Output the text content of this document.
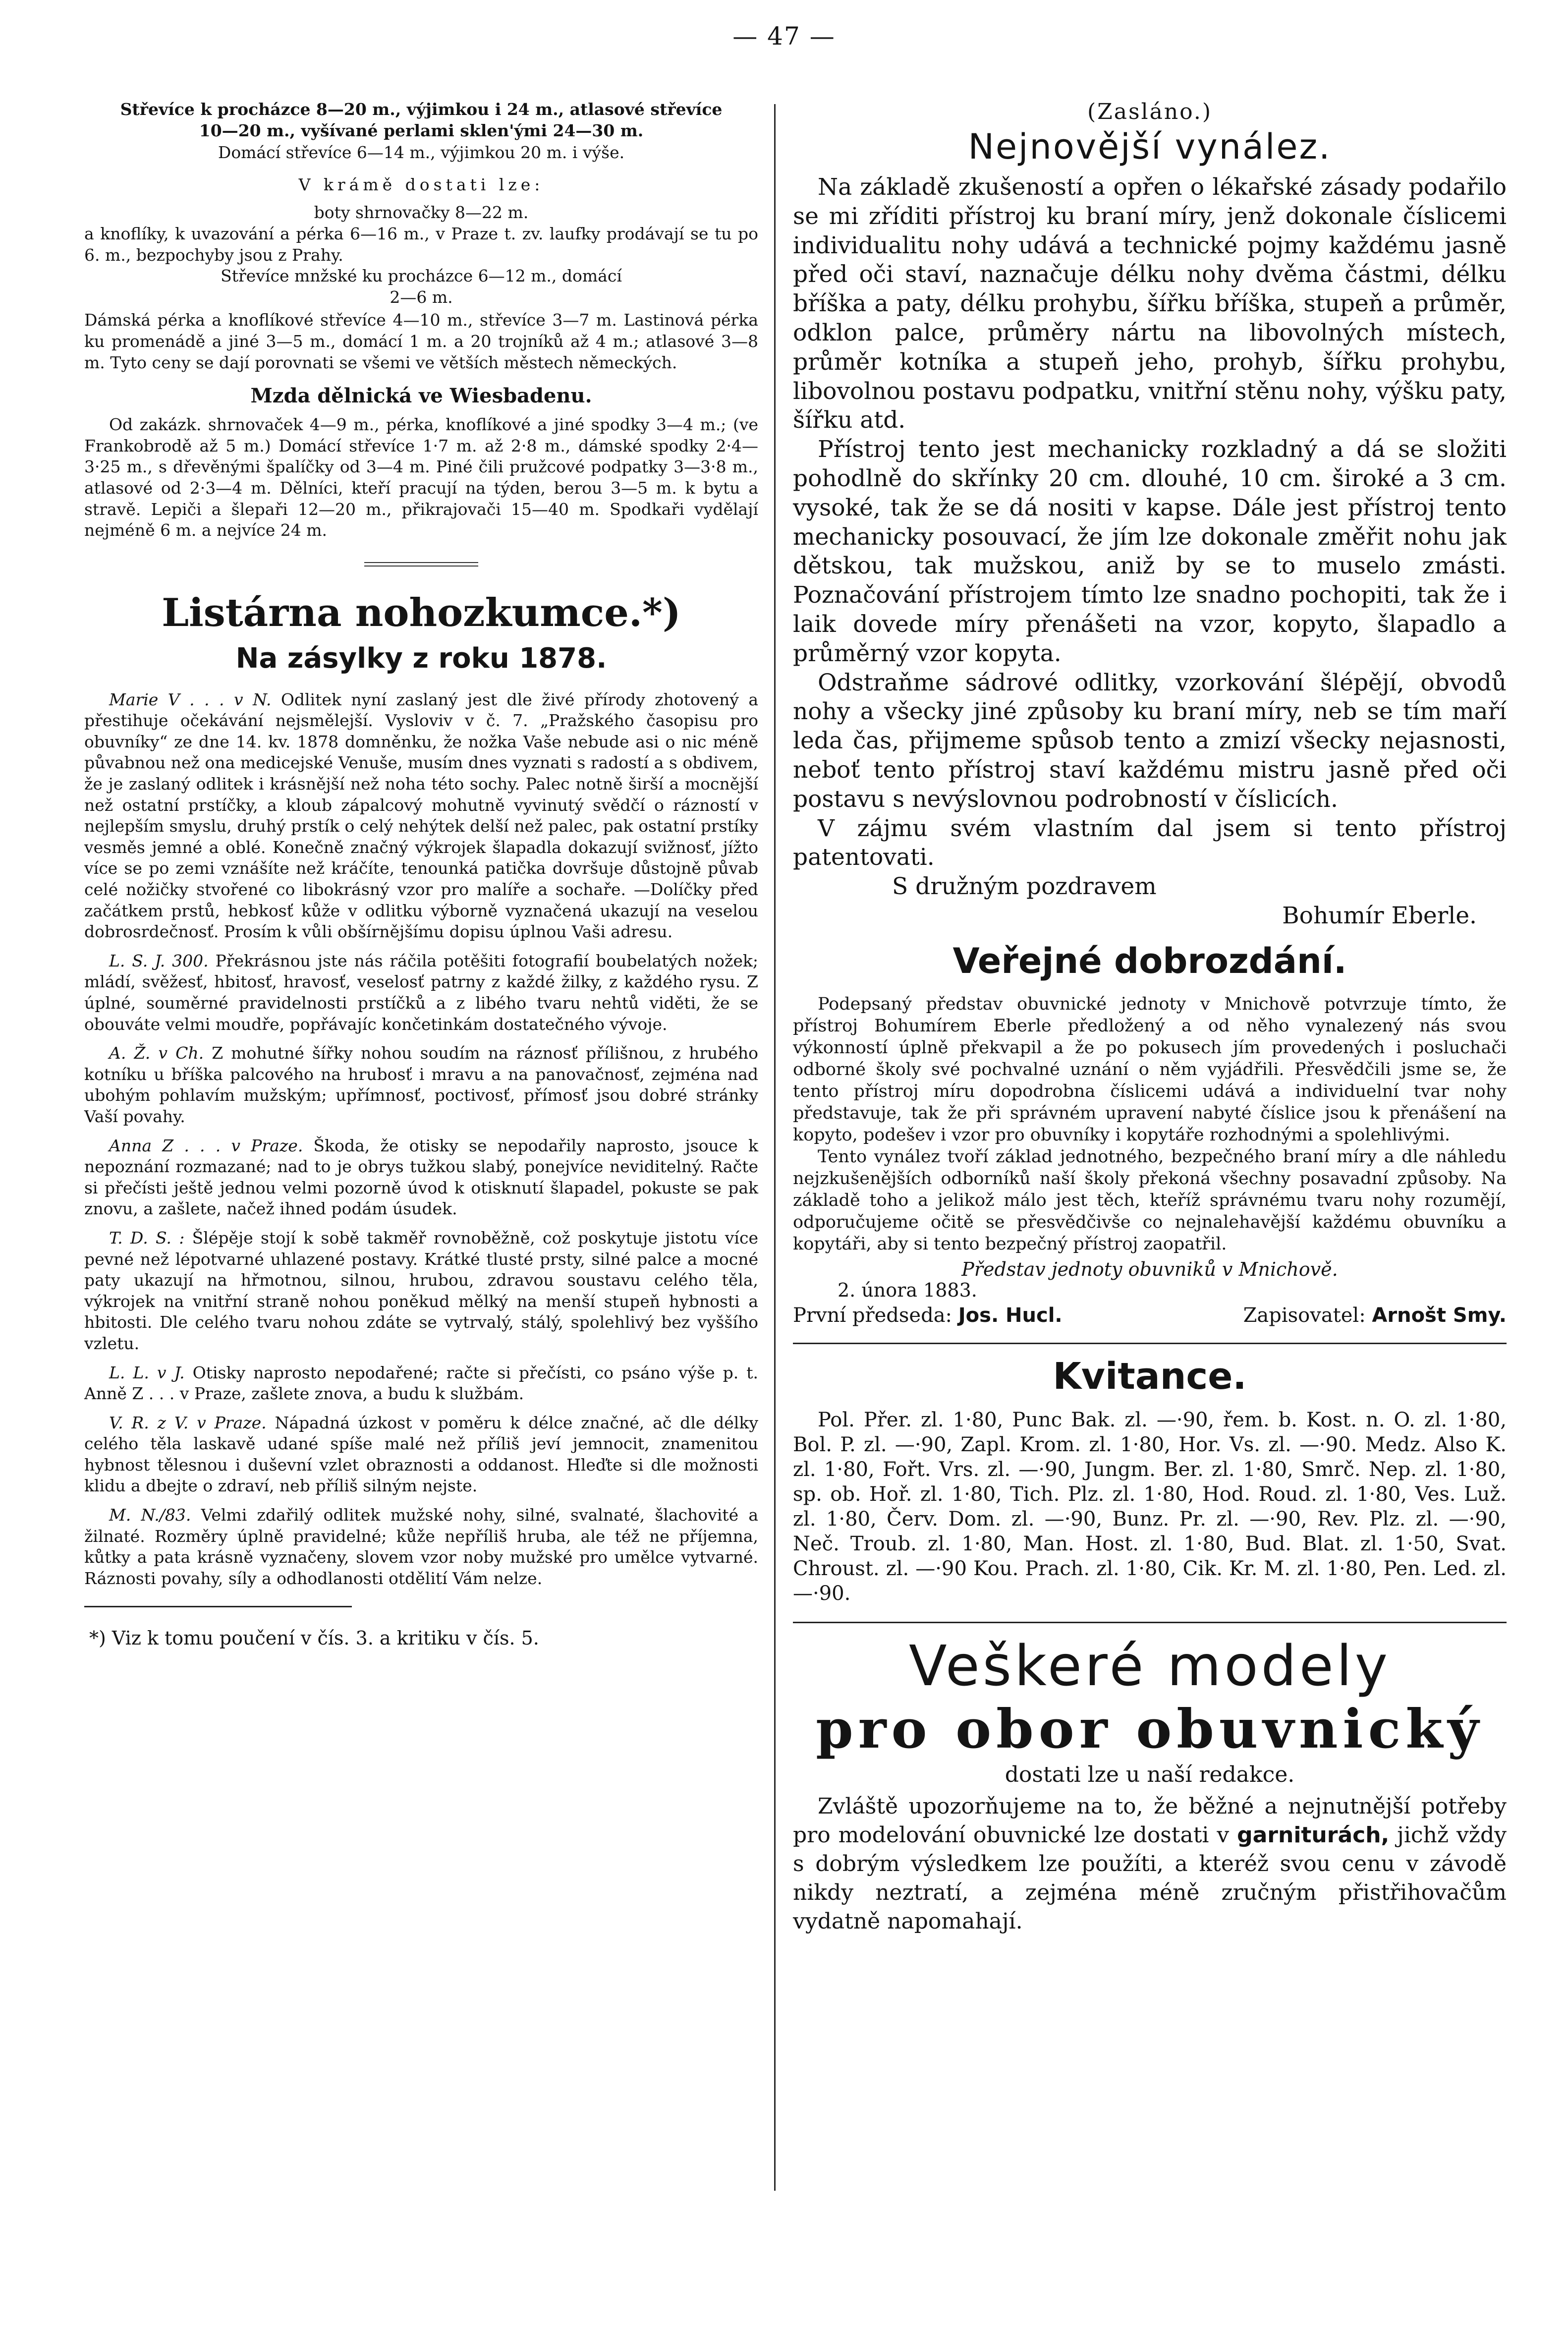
— 47 —

Střevíce k procházce 8—20 m., výjimkou i 24 m., atlasové střevíce 10—20 m., vyšívané perlami sklen'ými 24—30 m.

Domácí střevíce 6—14 m., výjimkou 20 m. i výše.

V krámě dostati lze:

boty shrnovačky 8—22 m.

a knoflíky, k uvazování a pérka 6—16 m., v Praze t. zv. laufky prodávají se tu po 6. m., bezpochyby jsou z Prahy.

Střevíce mnžské ku procházce 6—12 m., domácí 2—6 m.

Dámská pérka a knoflíkové střevíce 4—10 m., střevíce 3—7 m. Lastinová pérka ku promenádě a jiné 3—5 m., domácí 1 m. a 20 trojníků až 4 m.; atlasové 3—8 m. Tyto ceny se dají porovnati se všemi ve větších městech německých.

Mzda dělnická ve Wiesbadenu.

Od zakázk. shrnovaček 4—9 m., pérka, knoflíkové a jiné spodky 3—4 m.; (ve Frankobrodě až 5 m.) Domácí střevíce 1·7 m. až 2·8 m., dámské spodky 2·4—3·25 m., s dřevěnými špalíčky od 3—4 m. Piné čili pružcové podpatky 3—3·8 m., atlasové od 2·3—4 m. Dělníci, kteří pracují na týden, berou 3—5 m. k bytu a stravě. Lepiči a šlepaři 12—20 m., přikrajovači 15—40 m. Spodkaři vydělají nejméně 6 m. a nejvíce 24 m.

Listárna nohozkumce.*)
Na zásylky z roku 1878.

Marie V . . . v N. Odlitek nyní zaslaný jest dle živé přírody zhotovený a přestihuje očekávání nejsmělejší. Vysloviv v č. 7. „Pražského časopisu pro obuvníky“ ze dne 14. kv. 1878 domněnku, že nožka Vaše nebude asi o nic méně půvabnou než ona medicejské Venuše, musím dnes vyznati s radostí a s obdivem, že je zaslaný odlitek i krásnější než noha této sochy. Palec notně širší a mocnější než ostatní prstíčky, a kloub zápalcový mohutně vyvinutý svědčí o rázností v nejlepším smyslu, druhý prstík o celý nehýtek delší než palec, pak ostatní prstíky vesměs jemné a oblé. Konečně značný výkrojek šlapadla dokazují svižnosť, jížto více se po zemi vznášíte než kráčíte, tenounká patička dovršuje důstojně půvab celé nožičky stvořené co libokrásný vzor pro malíře a sochaře. —Dolíčky před začátkem prstů, hebkosť kůže v odlitku výborně vyznačená ukazují na veselou dobrosrdečnosť. Prosím k vůli obšírnějšímu dopisu úplnou Vaši adresu.

L. S. J. 300. Překrásnou jste nás ráčila potěšiti fotografií boubelatých nožek; mládí, svěžesť, hbitosť, hravosť, veselosť patrny z každé žilky, z každého rysu. Z úplné, souměrné pravidelnosti prstíčků a z libého tvaru nehtů viděti, že se obouváte velmi moudře, popřávajíc končetinkám dostatečného vývoje.

A. Ž. v Ch. Z mohutné šířky nohou soudím na ráznosť přílišnou, z hrubého kotníku u bříška palcového na hrubosť i mravu a na panovačnosť, zejména nad ubohým pohlavím mužským; upřímnosť, poctivosť, přímosť jsou dobré stránky Vaší povahy.

Anna Z . . . v Praze. Škoda, že otisky se nepodařily naprosto, jsouce k nepoznání rozmazané; nad to je obrys tužkou slabý, ponejvíce neviditelný. Račte si přečísti ještě jednou velmi pozorně úvod k otisknutí šlapadel, pokuste se pak znovu, a zašlete, načež ihned podám úsudek.

T. D. S. : Šlépěje stojí k sobě takměř rovnoběžně, což poskytuje jistotu více pevné než lépotvarné uhlazené postavy. Krátké tlusté prsty, silné palce a mocné paty ukazují na hřmotnou, silnou, hrubou, zdravou soustavu celého těla, výkrojek na vnitřní straně nohou poněkud mělký na menší stupeň hybnosti a hbitosti. Dle celého tvaru nohou zdáte se vytrvalý, stálý, spolehlivý bez vyššího vzletu.

L. L. v J. Otisky naprosto nepodařené; račte si přečísti, co psáno výše p. t. Anně Z . . . v Praze, zašlete znova, a budu k službám.

V. R. z V. v Praze. Nápadná úzkost v poměru k délce značné, ač dle délky celého těla laskavě udané spíše malé než příliš jeví jemnocit, znamenitou hybnost tělesnou i duševní vzlet obraznosti a oddanost. Hleďte si dle možnosti klidu a dbejte o zdraví, neb příliš silným nejste.

M. N./83. Velmi zdařilý odlitek mužské nohy, silné, svalnaté, šlachovité a žilnaté. Rozměry úplně pravidelné; kůže nepříliš hruba, ale též ne příjemna, kůtky a pata krásně vyznačeny, slovem vzor noby mužské pro umělce vytvarné. Ráznosti povahy, síly a odhodlanosti otdělití Vám nelze.

*) Viz k tomu poučení v čís. 3. a kritiku v čís. 5.
(Zasláno.)
Nejnovější vynález.

Na základě zkušeností a opřen o lékařské zásady podařilo se mi zříditi přístroj ku braní míry, jenž dokonale číslicemi individualitu nohy udává a technické pojmy každému jasně před oči staví, naznačuje délku nohy dvěma částmi, délku bříška a paty, délku prohybu, šířku bříška, stupeň a průměr, odklon palce, průměry nártu na libovolných místech, průměr kotníka a stupeň jeho, prohyb, šířku prohybu, libovolnou postavu podpatku, vnitřní stěnu nohy, výšku paty, šířku atd.

Přístroj tento jest mechanicky rozkladný a dá se složiti pohodlně do skřínky 20 cm. dlouhé, 10 cm. široké a 3 cm. vysoké, tak že se dá nositi v kapse. Dále jest přístroj tento mechanicky posouvací, že jím lze dokonale změřit nohu jak dětskou, tak mužskou, aniž by se to muselo zmásti. Poznačování přístrojem tímto lze snadno pochopiti, tak že i laik dovede míry přenášeti na vzor, kopyto, šlapadlo a průměrný vzor kopyta.

Odstraňme sádrové odlitky, vzorkování šlépějí, obvodů nohy a všecky jiné způsoby ku braní míry, neb se tím maří leda čas, přijmeme spůsob tento a zmizí všecky nejasnosti, neboť tento přístroj staví každému mistru jasně před oči postavu s nevýslovnou podrobností v číslicích.

V zájmu svém vlastním dal jsem si tento přístroj patentovati.

S družným pozdravem

Bohumír Eberle.

Veřejné dobrozdání.

Podepsaný představ obuvnické jednoty v Mnichově potvrzuje tímto, že přístroj Bohumírem Eberle předložený a od něho vynalezený nás svou výkonností úplně překvapil a že po pokusech jím provedených i posluchači odborné školy své pochvalné uznání o něm vyjádřili. Přesvědčili jsme se, že tento přístroj míru dopodrobna číslicemi udává a individuelní tvar nohy představuje, tak že při správném upravení nabyté číslice jsou k přenášení na kopyto, podešev i vzor pro obuvníky i kopytáře rozhodnými a spolehlivými.

Tento vynález tvoří základ jednotného, bezpečného braní míry a dle náhledu nejzkušenějších odborníků naší školy překoná všechny posavadní způsoby. Na základě toho a jelikož málo jest těch, kteříž správnému tvaru nohy rozumějí, odporučujeme očitě se přesvědčivše co nejnalehavější každému obuvníku a kopytáři, aby si tento bezpečný přístroj zaopatřil.

Představ jednoty obuvniků v Mnichově.

2. února 1883.

První předseda: Jos. Hucl.	Zapisovatel: Arnošt Smy.
Kvitance.

Pol. Přer. zl. 1·80, Punc Bak. zl. —·90, řem. b. Kost. n. O. zl. 1·80, Bol. P. zl. —·90, Zapl. Krom. zl. 1·80, Hor. Vs. zl. —·90. Medz. Also K. zl. 1·80, Fořt. Vrs. zl. —·90, Jungm. Ber. zl. 1·80, Smrč. Nep. zl. 1·80, sp. ob. Hoř. zl. 1·80, Tich. Plz. zl. 1·80, Hod. Roud. zl. 1·80, Ves. Luž. zl. 1·80, Červ. Dom. zl. —·90, Bunz. Pr. zl. —·90, Rev. Plz. zl. —·90, Neč. Troub. zl. 1·80, Man. Host. zl. 1·80, Bud. Blat. zl. 1·50, Svat. Chroust. zl. —·90 Kou. Prach. zl. 1·80, Cik. Kr. M. zl. 1·80, Pen. Led. zl. —·90.

Veškeré modely

pro obor obuvnický

dostati lze u naší redakce.

Zvláště upozorňujeme na to, že běžné a nejnutnější potřeby pro modelování obuvnické lze dostati v garniturách, jichž vždy s dobrým výsledkem lze použíti, a kteréž svou cenu v závodě nikdy neztratí, a zejména méně zručným přistřihovačům vydatně napomahají.
